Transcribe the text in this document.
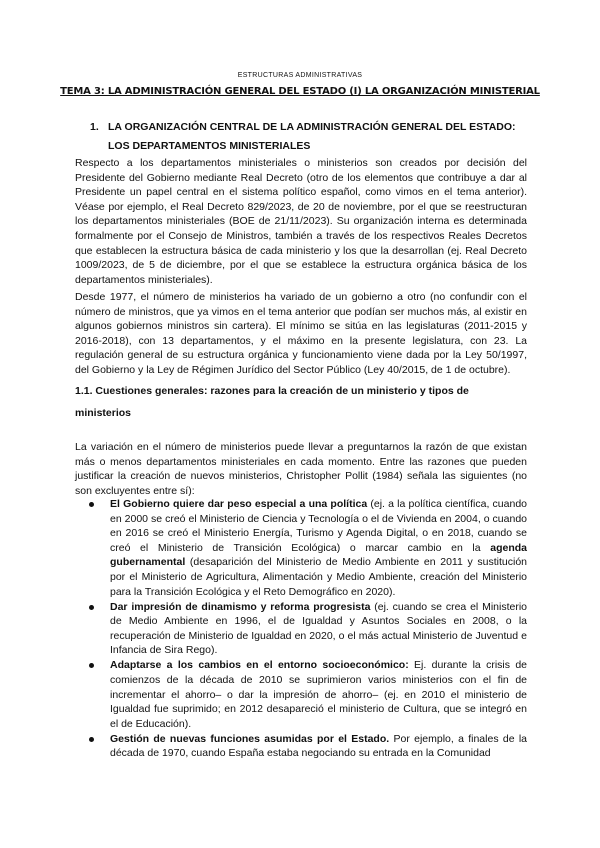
ESTRUCTURAS ADMINISTRATIVAS
TEMA 3: LA ADMINISTRACIÓN GENERAL DEL ESTADO (I) LA ORGANIZACIÓN MINISTERIAL
1. LA ORGANIZACIÓN CENTRAL DE LA ADMINISTRACIÓN GENERAL DEL ESTADO:
LOS DEPARTAMENTOS MINISTERIALES
Respecto a los departamentos ministeriales o ministerios son creados por decisión del Presidente del Gobierno mediante Real Decreto (otro de los elementos que contribuye a dar al Presidente un papel central en el sistema político español, como vimos en el tema anterior). Véase por ejemplo, el Real Decreto 829/2023, de 20 de noviembre, por el que se reestructuran los departamentos ministeriales (BOE de 21/11/2023). Su organización interna es determinada formalmente por el Consejo de Ministros, también a través de los respectivos Reales Decretos que establecen la estructura básica de cada ministerio y los que la desarrollan (ej. Real Decreto 1009/2023, de 5 de diciembre, por el que se establece la estructura orgánica básica de los departamentos ministeriales).
Desde 1977, el número de ministerios ha variado de un gobierno a otro (no confundir con el número de ministros, que ya vimos en el tema anterior que podían ser muchos más, al existir en algunos gobiernos ministros sin cartera). El mínimo se sitúa en las legislaturas (2011-2015 y 2016-2018), con 13 departamentos, y el máximo en la presente legislatura, con 23. La regulación general de su estructura orgánica y funcionamiento viene dada por la Ley 50/1997, del Gobierno y la Ley de Régimen Jurídico del Sector Público (Ley 40/2015, de 1 de octubre).
1.1. Cuestiones generales: razones para la creación de un ministerio y tipos de ministerios
La variación en el número de ministerios puede llevar a preguntarnos la razón de que existan más o menos departamentos ministeriales en cada momento. Entre las razones que pueden justificar la creación de nuevos ministerios, Christopher Pollit (1984) señala las siguientes (no son excluyentes entre sí):
El Gobierno quiere dar peso especial a una política (ej. a la política científica, cuando en 2000 se creó el Ministerio de Ciencia y Tecnología o el de Vivienda en 2004, o cuando en 2016 se creó el Ministerio Energía, Turismo y Agenda Digital, o en 2018, cuando se creó el Ministerio de Transición Ecológica) o marcar cambio en la agenda gubernamental (desaparición del Ministerio de Medio Ambiente en 2011 y sustitución por el Ministerio de Agricultura, Alimentación y Medio Ambiente, creación del Ministerio para la Transición Ecológica y el Reto Demográfico en 2020).
Dar impresión de dinamismo y reforma progresista (ej. cuando se crea el Ministerio de Medio Ambiente en 1996, el de Igualdad y Asuntos Sociales en 2008, o la recuperación de Ministerio de Igualdad en 2020, o el más actual Ministerio de Juventud e Infancia de Sira Rego).
Adaptarse a los cambios en el entorno socioeconómico: Ej. durante la crisis de comienzos de la década de 2010 se suprimieron varios ministerios con el fin de incrementar el ahorro– o dar la impresión de ahorro– (ej. en 2010 el ministerio de Igualdad fue suprimido; en 2012 desapareció el ministerio de Cultura, que se integró en el de Educación).
Gestión de nuevas funciones asumidas por el Estado. Por ejemplo, a finales de la década de 1970, cuando España estaba negociando su entrada en la Comunidad
